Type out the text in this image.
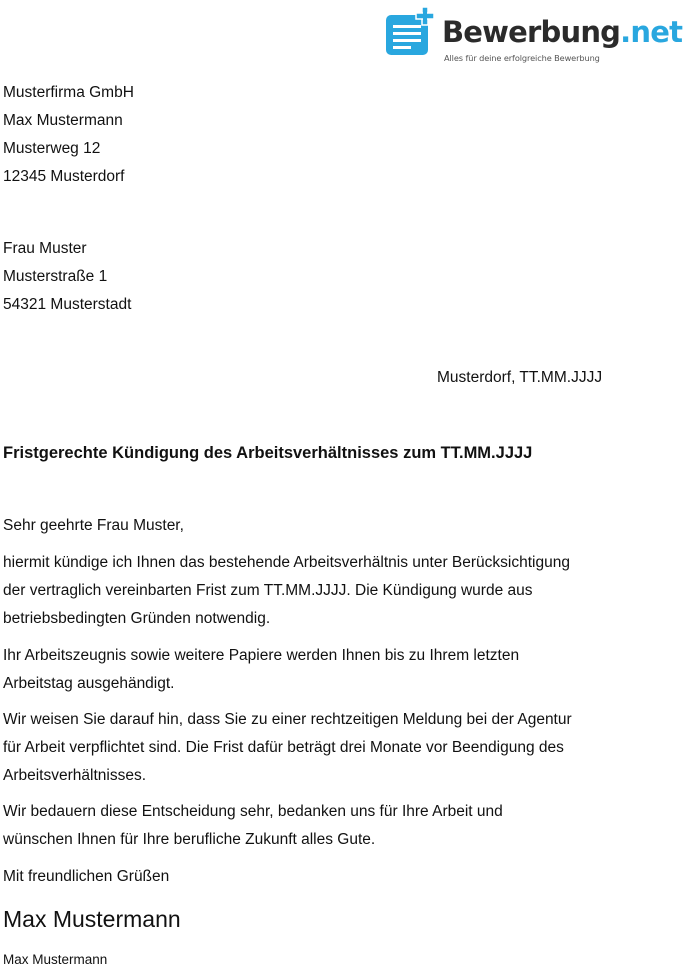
Bewerbung.net
Alles für deine erfolgreiche Bewerbung
Musterfirma GmbH
Max Mustermann
Musterweg 12
12345 Musterdorf
Frau Muster
Musterstraße 1
54321 Musterstadt
Musterdorf, TT.MM.JJJJ
Fristgerechte Kündigung des Arbeitsverhältnisses zum TT.MM.JJJJ
Sehr geehrte Frau Muster,
hiermit kündige ich Ihnen das bestehende Arbeitsverhältnis unter Berücksichtigung
der vertraglich vereinbarten Frist zum TT.MM.JJJJ. Die Kündigung wurde aus
betriebsbedingten Gründen notwendig.
Ihr Arbeitszeugnis sowie weitere Papiere werden Ihnen bis zu Ihrem letzten
Arbeitstag ausgehändigt.
Wir weisen Sie darauf hin, dass Sie zu einer rechtzeitigen Meldung bei der Agentur
für Arbeit verpflichtet sind. Die Frist dafür beträgt drei Monate vor Beendigung des
Arbeitsverhältnisses.
Wir bedauern diese Entscheidung sehr, bedanken uns für Ihre Arbeit und
wünschen Ihnen für Ihre berufliche Zukunft alles Gute.
Mit freundlichen Grüßen
Max Mustermann
Max Mustermann
